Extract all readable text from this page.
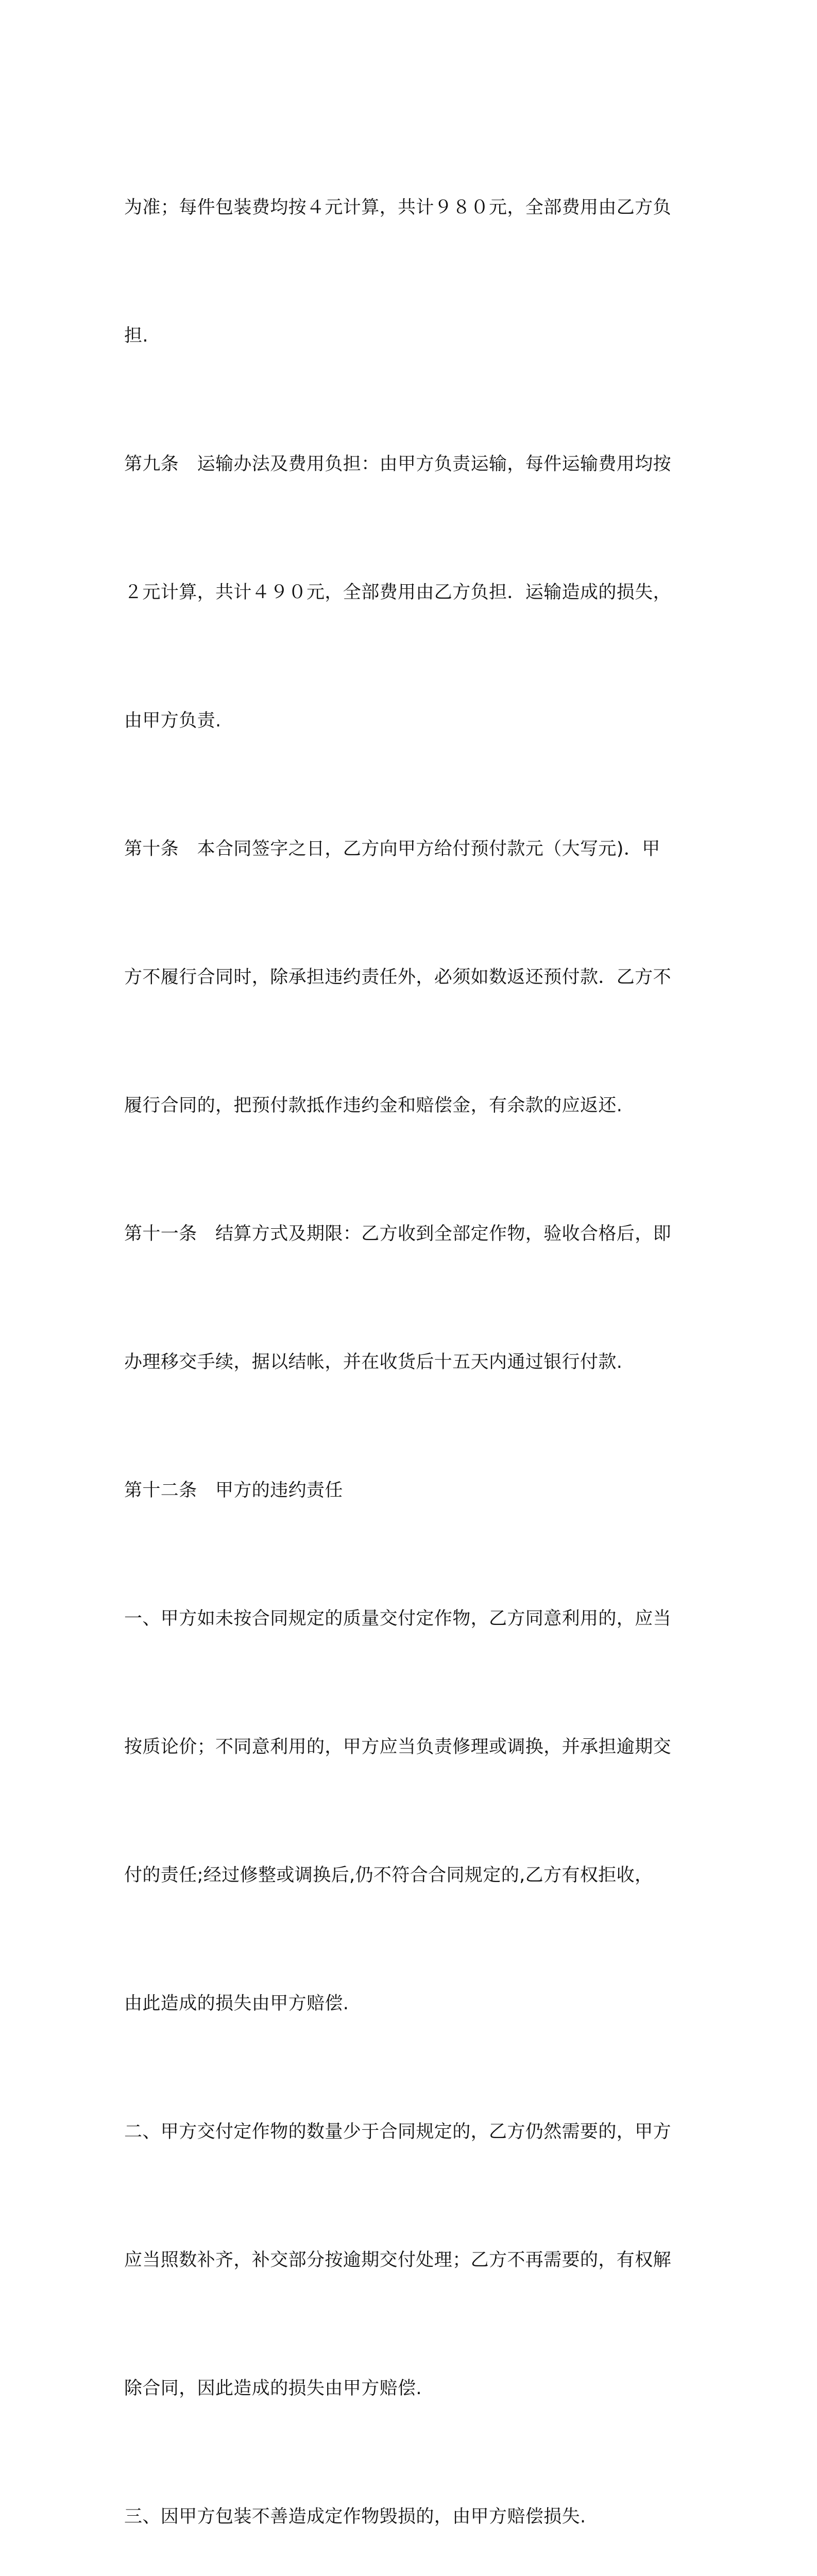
为准；每件包装费均按４元计算，共计９８０元，全部费用由乙方负

担.

第九条　运输办法及费用负担：由甲方负责运输，每件运输费用均按

２元计算，共计４９０元，全部费用由乙方负担．运输造成的损失，

由甲方负责.

第十条　本合同签字之日，乙方向甲方给付预付款元（大写元)．甲

方不履行合同时，除承担违约责任外，必须如数返还预付款．乙方不

履行合同的，把预付款抵作违约金和赔偿金，有余款的应返还.

第十一条　结算方式及期限：乙方收到全部定作物，验收合格后，即

办理移交手续，据以结帐，并在收货后十五天内通过银行付款.

第十二条　甲方的违约责任

一、甲方如未按合同规定的质量交付定作物，乙方同意利用的，应当

按质论价；不同意利用的，甲方应当负责修理或调换，并承担逾期交

付的责任;经过修整或调换后,仍不符合合同规定的,乙方有权拒收，

由此造成的损失由甲方赔偿.

二、甲方交付定作物的数量少于合同规定的，乙方仍然需要的，甲方

应当照数补齐，补交部分按逾期交付处理；乙方不再需要的，有权解

除合同，因此造成的损失由甲方赔偿.

三、因甲方包装不善造成定作物毁损的，由甲方赔偿损失.
